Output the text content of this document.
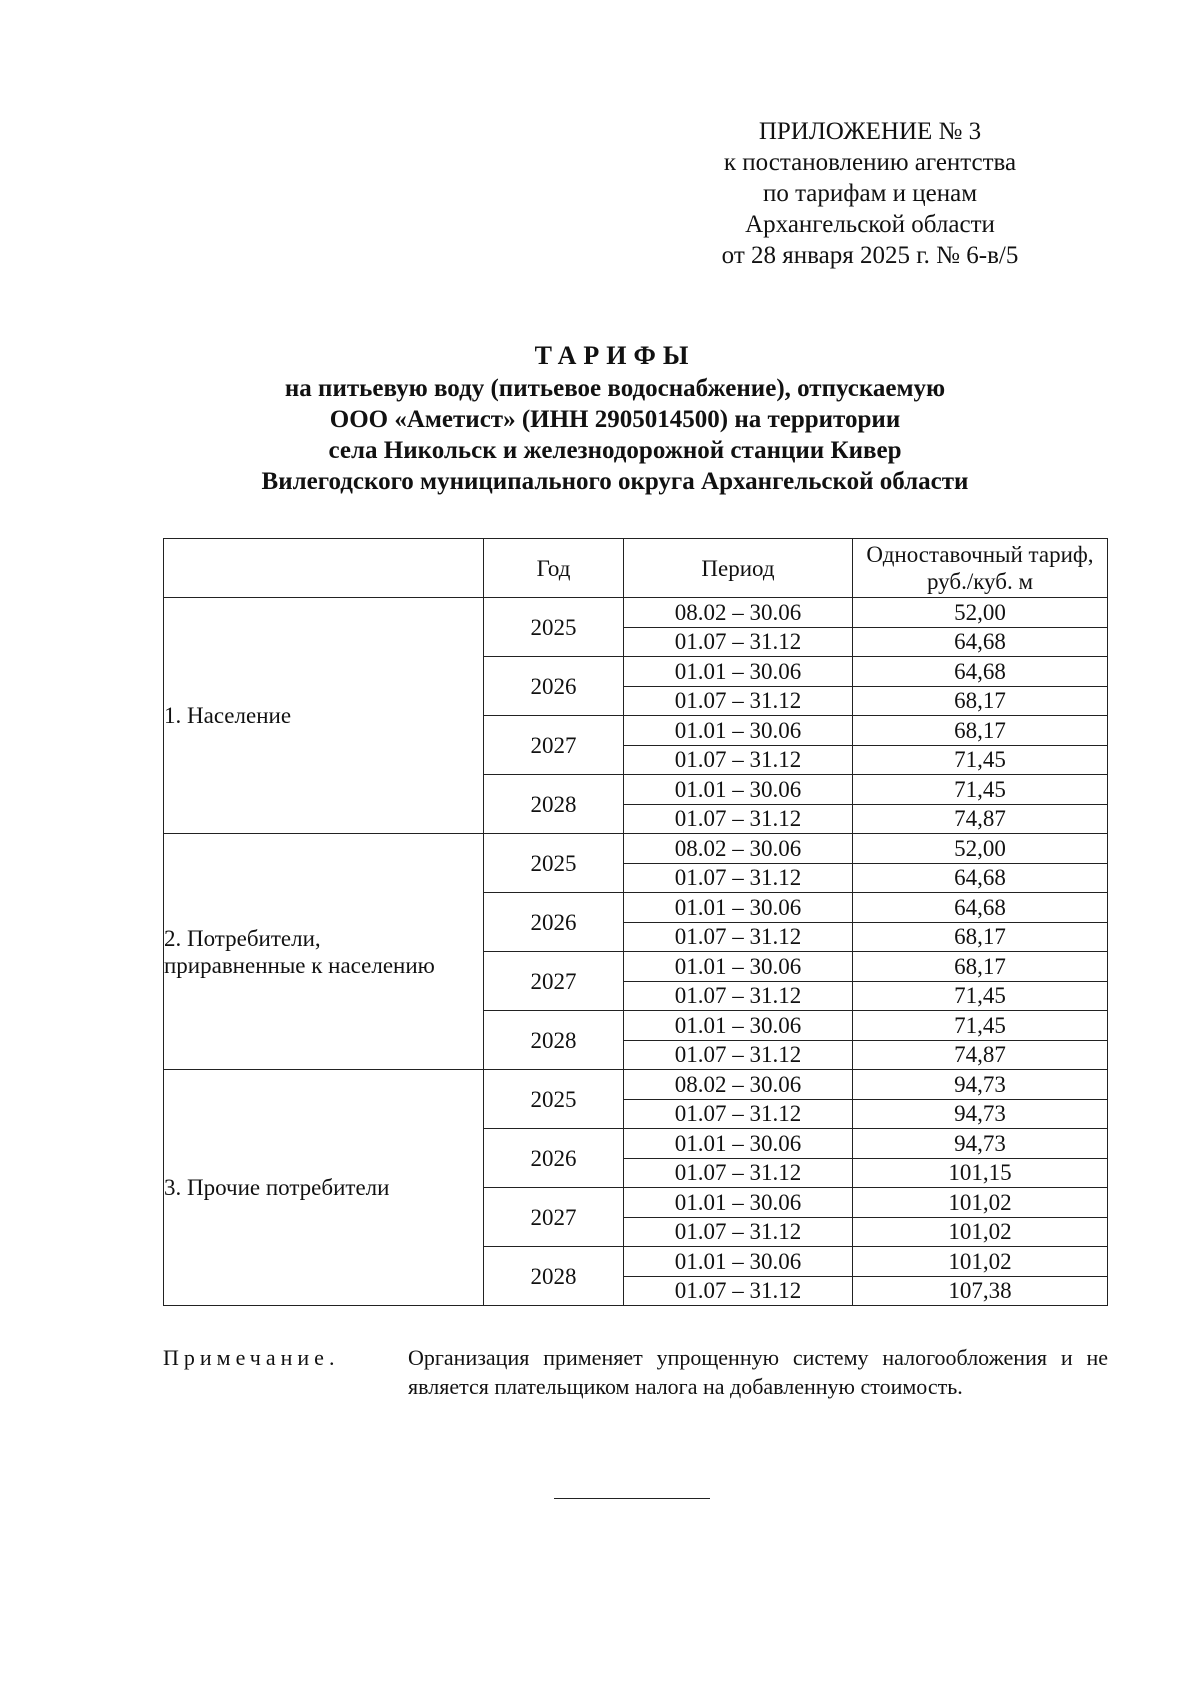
ПРИЛОЖЕНИЕ № 3
к постановлению агентства
по тарифам и ценам
Архангельской области
от 28 января 2025 г. № 6-в/5
ТАРИФЫ
на питьевую воду (питьевое водоснабжение), отпускаемую
ООО «Аметист» (ИНН 2905014500) на территории
села Никольск и железнодорожной станции Кивер
Вилегодского муниципального округа Архангельской области
	Год	Период	Одноставочный тариф,
руб./куб. м

1. Население	2025	08.02 – 30.06	52,00
		01.07 – 31.12	64,68
	2026	01.01 – 30.06	64,68
		01.07 – 31.12	68,17
	2027	01.01 – 30.06	68,17
		01.07 – 31.12	71,45
	2028	01.01 – 30.06	71,45
		01.07 – 31.12	74,87

2. Потребители,
приравненные к населению	2025	08.02 – 30.06	52,00
		01.07 – 31.12	64,68
	2026	01.01 – 30.06	64,68
		01.07 – 31.12	68,17
	2027	01.01 – 30.06	68,17
		01.07 – 31.12	71,45
	2028	01.01 – 30.06	71,45
		01.07 – 31.12	74,87

3. Прочие потребители	2025	08.02 – 30.06	94,73
		01.07 – 31.12	94,73
	2026	01.01 – 30.06	94,73
		01.07 – 31.12	101,15
	2027	01.01 – 30.06	101,02
		01.07 – 31.12	101,02
	2028	01.01 – 30.06	101,02
		01.07 – 31.12	107,38
Примечание.	Организация применяет упрощенную систему налогообложения и не является плательщиком налога на добавленную стоимость.
